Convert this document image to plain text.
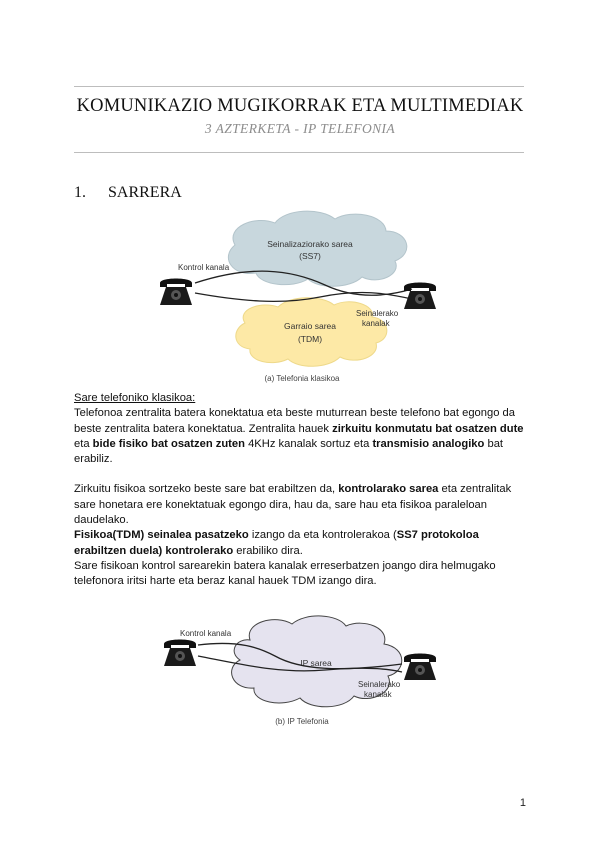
KOMUNIKAZIO MUGIKORRAK ETA MULTIMEDIAK
3 AZTERKETA - IP TELEFONIA
1. SARRERA
Seinalizaziorako sarea
(SS7)
Garraio sarea
(TDM)
Kontrol kanala
Seinalerako
kanalak
(a) Telefonia klasikoa

Sare telefoniko klasikoa:

Telefonoa zentralita batera konektatua eta beste muturrean beste telefono bat egongo da beste zentralita batera konektatua. Zentralita hauek zirkuitu konmutatu bat osatzen dute eta bide fisiko bat osatzen zuten 4KHz kanalak sortuz eta transmisio analogiko bat erabiliz.

Zirkuitu fisikoa sortzeko beste sare bat erabiltzen da, kontrolarako sarea eta zentralitak sare honetara ere konektatuak egongo dira, hau da, sare hau eta fisikoa paraleloan daudelako.

Fisikoa(TDM) seinalea pasatzeko izango da eta kontrolerakoa (SS7 protokoloa erabiltzen duela) kontrolerako erabiliko dira.

Sare fisikoan kontrol sarearekin batera kanalak erreserbatzen joango dira helmugako telefonora iritsi harte eta beraz kanal hauek TDM izango dira.

IP sarea
Kontrol kanala
Seinalerako
kanalak
(b) IP Telefonia
1
